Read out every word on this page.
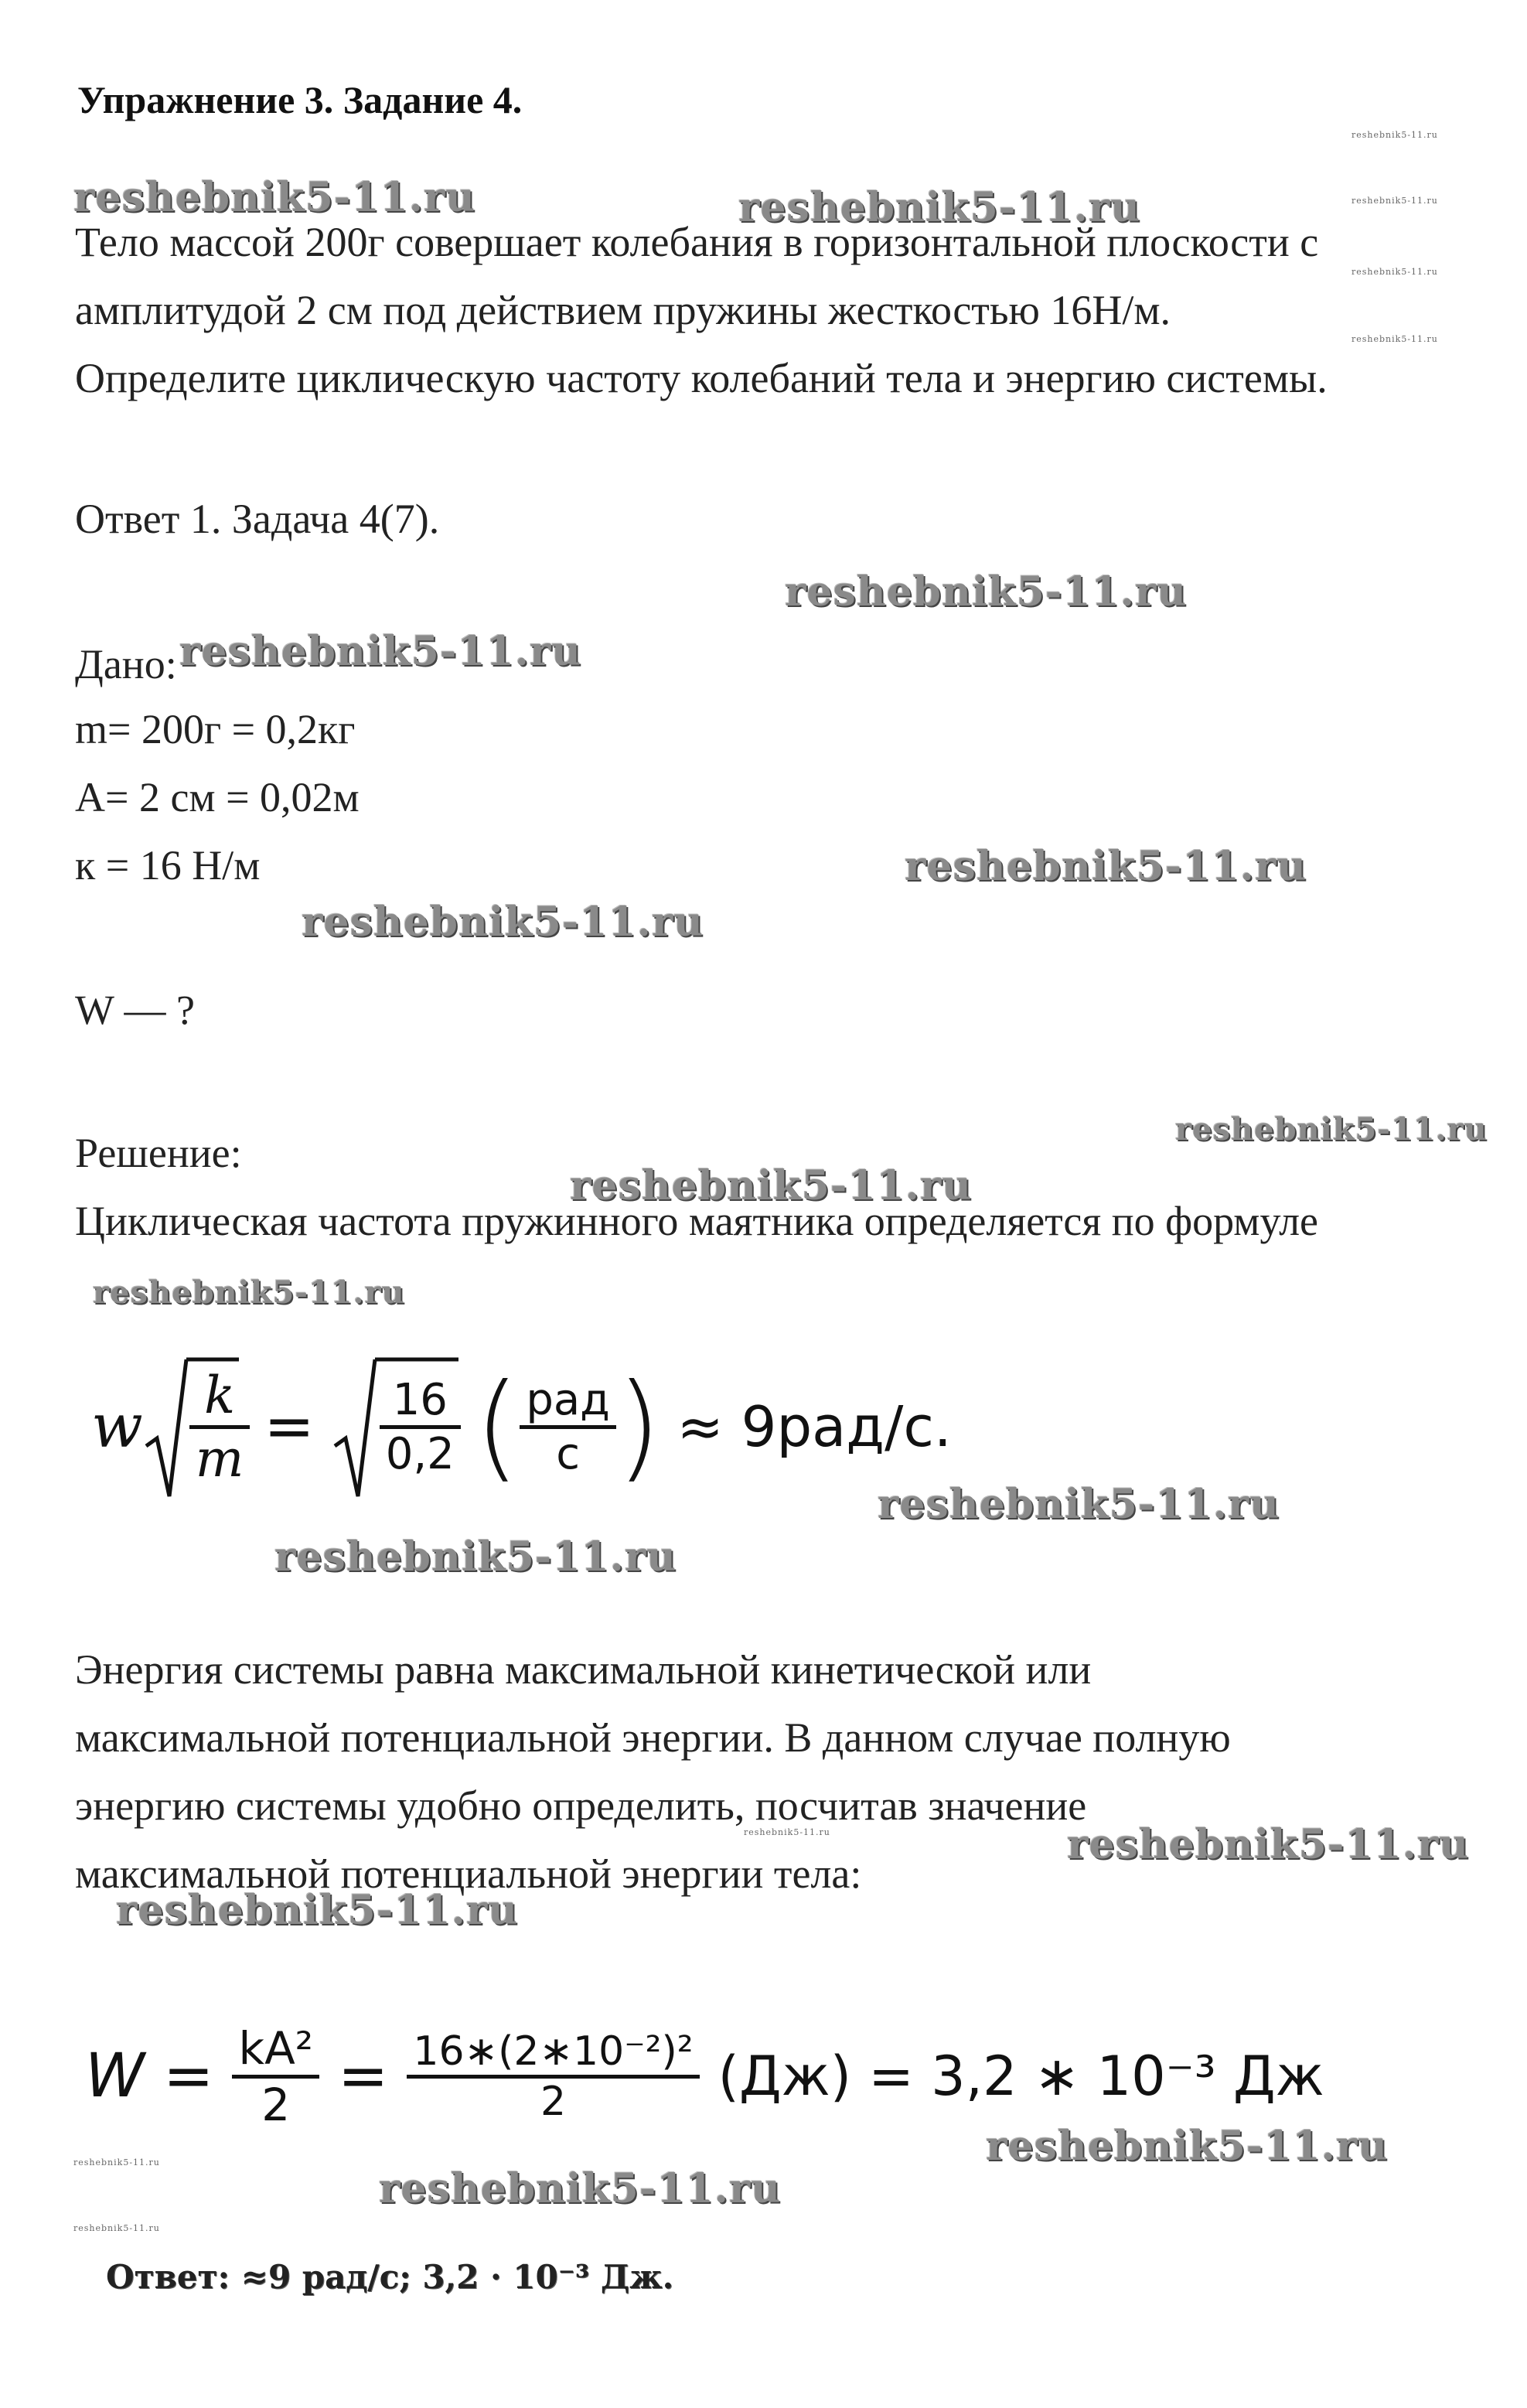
Упражнение 3. Задание 4.
Тело массой 200г совершает колебания в горизонтальной плоскости с
амплитудой 2 см под действием пружины жесткостью 16Н/м.
Определите циклическую частоту колебаний тела и энергию системы.
Ответ 1. Задача 4(7).
Дано:
m= 200г = 0,2кг
A= 2 см = 0,02м
к = 16 Н/м
W — ?
Решение:
Циклическая частота пружинного маятника определяется по формуле
w k
m = 16
0,2 ( рад
с ) ≈ 9рад/с.
Энергия системы равна максимальной кинетической или
максимальной потенциальной энергии. В данном случае полную
энергию системы удобно определить, посчитав значение
максимальной потенциальной энергии тела:
W = kA²
2 = 16∗(2∗10⁻²)²
2	(Дж) = 3,2 ∗ 10⁻³ Дж
Ответ: ≈9 рад/с; 3,2 · 10⁻³ Дж.
reshebnik5-11.ru	reshebnik5-11.ru
reshebnik5-11.ru
reshebnik5-11.ru
reshebnik5-11.ru
reshebnik5-11.ru
reshebnik5-11.ru
reshebnik5-11.ru
reshebnik5-11.ru
reshebnik5-11.ru
reshebnik5-11.ru
reshebnik5-11.ru
reshebnik5-11.ru
reshebnik5-11.ru
reshebnik5-11.ru
reshebnik5-11.ru
reshebnik5-11.ru
reshebnik5-11.ru
reshebnik5-11.ru
reshebnik5-11.ru
reshebnik5-11.ru
reshebnik5-11.ru
